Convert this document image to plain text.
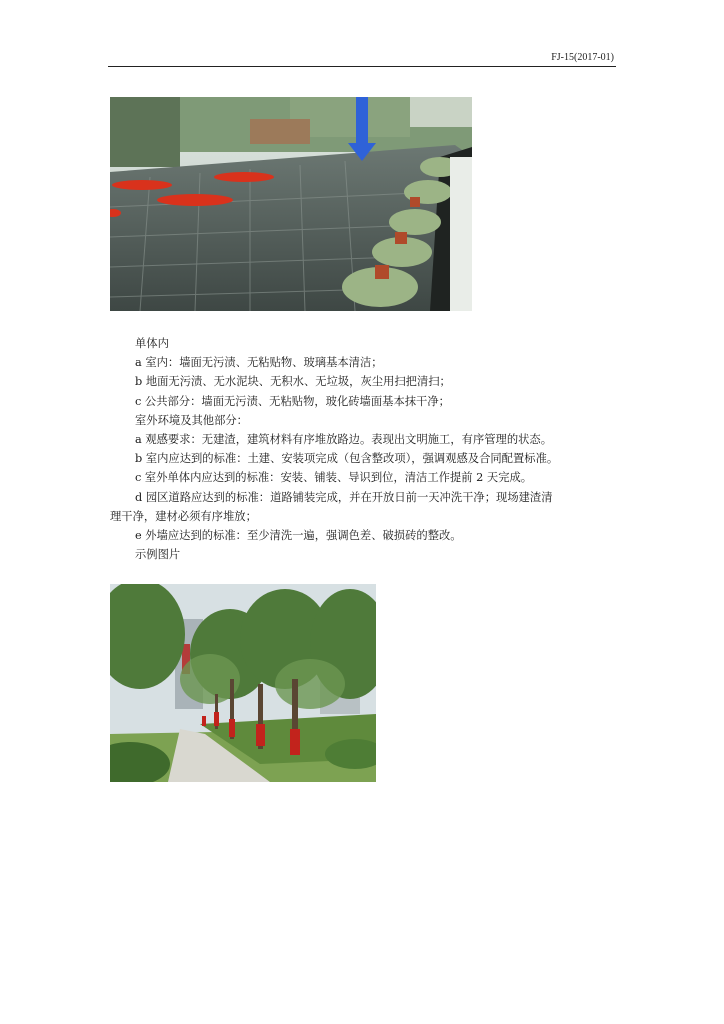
FJ-15(2017-01)

单体内

a 室内：墙面无污渍、无粘贴物、玻璃基本清洁；

b 地面无污渍、无水泥块、无积水、无垃圾，灰尘用扫把清扫；

c 公共部分：墙面无污渍、无粘贴物，玻化砖墙面基本抹干净；

室外环境及其他部分：

a 观感要求：无建渣，建筑材料有序堆放路边。表现出文明施工，有序管理的状态。

b 室内应达到的标准：土建、安装项完成（包含整改项），强调观感及合同配置标准。

c 室外单体内应达到的标准：安装、铺装、导识到位，清洁工作提前 2 天完成。

d 园区道路应达到的标准：道路铺装完成，并在开放日前一天冲洗干净；现场建渣清

理干净，建材必须有序堆放；

e 外墙应达到的标准：至少清洗一遍，强调色差、破损砖的整改。

示例图片
